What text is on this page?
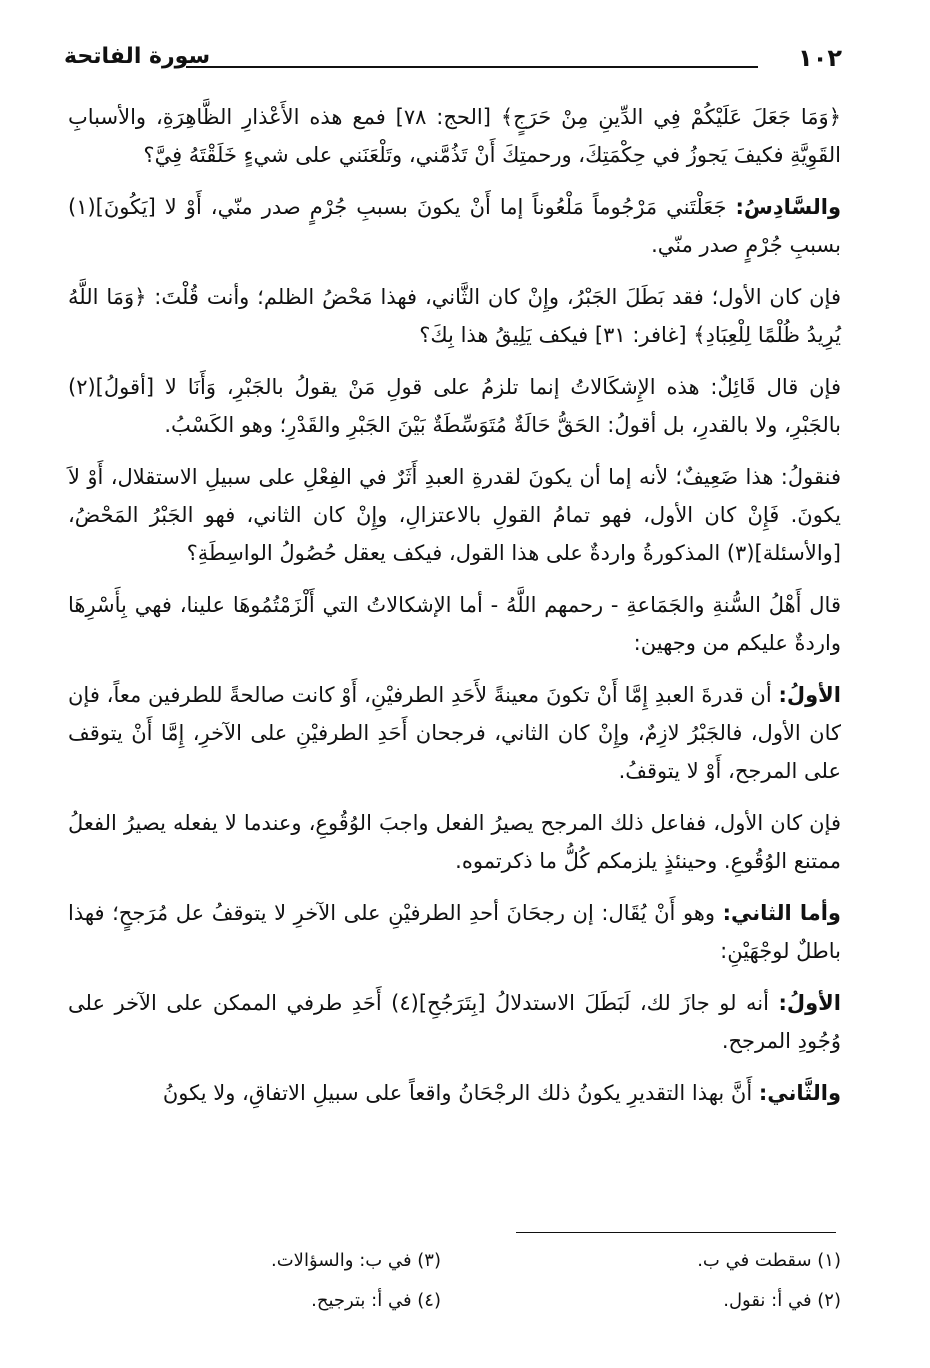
١٠٢
سورة الفاتحة

﴿وَمَا جَعَلَ عَلَيْكُمْ فِي الدِّينِ مِنْ حَرَجٍ﴾ [الحج: ٧٨] فمع هذه الأَعْذارِ الظَّاهِرَةِ، والأسبابِ القَوِيَّةِ فكيفَ يَجوزُ في حِكْمَتِكَ، ورحمتِكَ أَنْ تَذُمَّني، وتَلْعَنَني على شيءٍ خَلَقْتَهُ فِيَّ؟

والسَّادِسُ: جَعَلْتَني مَرْجُوماً مَلْعُوناً إما أَنْ يكونَ بسببِ جُرْمٍ صدر منّي، أَوْ لا [يَكُونَ](١) بسببِ جُرْمٍ صدر منّي.

فإن كان الأول؛ فقد بَطَلَ الجَبْرُ، وإِنْ كان الثَّاني، فهذا مَحْضُ الظلم؛ وأنت قُلْتَ: ﴿وَمَا اللَّهُ يُرِيدُ ظُلْمًا لِلْعِبَادِ﴾ [غافر: ٣١] فيكف يَلِيقُ هذا بِكَ؟

فإن قال قَائِلٌ: هذه الإِشكَالاتُ إنما تلزمُ على قولِ مَنْ يقولُ بالجَبْرِ، وَأَنَا لا [أقولُ](٢) بالجَبْرِ، ولا بالقدرِ، بل أقولُ: الحَقُّ حَالَةٌ مُتَوَسِّطَةٌ بَيْنَ الجَبْرِ والقَدْرِ؛ وهو الكَسْبُ.

فنقولُ: هذا ضَعِيفٌ؛ لأنه إما أن يكونَ لقدرةِ العبدِ أَثَرٌ في الفِعْلِ على سبيلِ الاستقلال، أَوْ لاَ يكونَ. فَإِنْ كان الأول، فهو تمامُ القولِ بالاعتزالِ، وإِنْ كان الثاني، فهو الجَبْرُ المَحْضُ، [والأسئلة](٣) المذكورةُ واردةٌ على هذا القول، فيكف يعقل حُصُولُ الواسِطَةِ؟

قال أَهْلُ السُّنةِ والجَمَاعةِ - رحمهم اللَّهُ - أما الإشكالاتُ التي أَلْزَمْتُمُوهَا علينا، فهي بِأَسْرِهَا واردةٌ عليكم من وجهين:

الأولُ: أن قدرةَ العبدِ إِمَّا أَنْ تكونَ معينةً لأَحَدِ الطرفيْنِ، أَوْ كانت صالحةً للطرفين معاً، فإن كان الأول، فالجَبْرُ لازِمٌ، وإِنْ كان الثاني، فرجحان أَحَدِ الطرفيْنِ على الآخرِ، إِمَّا أَنْ يتوقف على المرجح، أَوْ لا يتوقفُ.

فإن كان الأول، ففاعل ذلك المرجح يصيرُ الفعل واجبَ الوُقُوعِ، وعندما لا يفعله يصيرُ الفعلُ ممتنع الوُقُوعِ. وحينئذٍ يلزمكم كُلُّ ما ذكرتموه.

وأما الثاني: وهو أَنْ يُقَال: إن رجحَانَ أحدِ الطرفيْنِ على الآخرِ لا يتوقفُ عل مُرَجحٍ؛ فهذا باطلٌ لوجْهَيْنِ:

الأولُ: أنه لو جازَ لك، لَبَطَلَ الاستدلالُ [بِتَرَجُحِ](٤) أَحَدِ طرفي الممكن على الآخر على وُجُودِ المرجح.

والثَّاني: أَنَّ بهذا التقديرِ يكونُ ذلك الرجْحَانُ واقعاً على سبيلِ الاتفاقِ، ولا يكونُ

(١) سقطت في ب.
(٢) في أ: نقول.
(٣) في ب: والسؤالات.
(٤) في أ: بترجيح.
